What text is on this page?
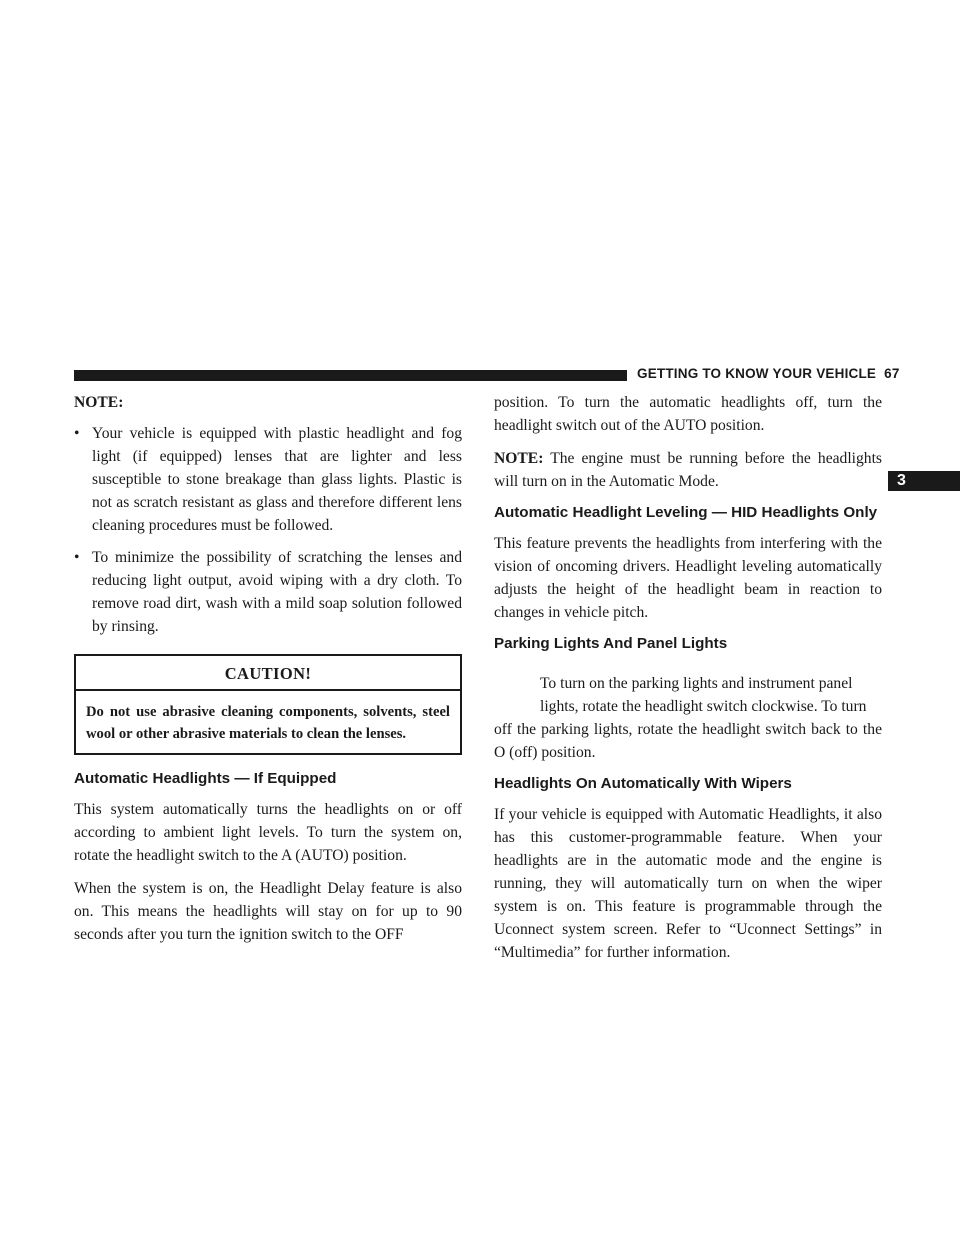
GETTING TO KNOW YOUR VEHICLE 67
3

NOTE:

• Your vehicle is equipped with plastic headlight and fog light (if equipped) lenses that are lighter and less susceptible to stone breakage than glass lights. Plastic is not as scratch resistant as glass and therefore different lens cleaning procedures must be followed.
• To minimize the possibility of scratching the lenses and reducing light output, avoid wiping with a dry cloth. To remove road dirt, wash with a mild soap solution followed by rinsing.
CAUTION!
Do not use abrasive cleaning components, solvents, steel wool or other abrasive materials to clean the lenses.
Automatic Headlights — If Equipped

This system automatically turns the headlights on or off according to ambient light levels. To turn the system on, rotate the headlight switch to the A (AUTO) position.

When the system is on, the Headlight Delay feature is also on. This means the headlights will stay on for up to 90 seconds after you turn the ignition switch to the OFF

position. To turn the automatic headlights off, turn the headlight switch out of the AUTO position.

NOTE: The engine must be running before the headlights will turn on in the Automatic Mode.

Automatic Headlight Leveling — HID Headlights Only

This feature prevents the headlights from interfering with the vision of oncoming drivers. Headlight leveling automatically adjusts the height of the headlight beam in reaction to changes in vehicle pitch.

Parking Lights And Panel Lights

To turn on the parking lights and instrument panel
lights, rotate the headlight switch clockwise. To turn
off the parking lights, rotate the headlight switch back to the O (off) position.

Headlights On Automatically With Wipers

If your vehicle is equipped with Automatic Headlights, it also has this customer-programmable feature. When your headlights are in the automatic mode and the engine is running, they will automatically turn on when the wiper system is on. This feature is programmable through the Uconnect system screen. Refer to “Uconnect Settings” in “Multimedia” for further information.
